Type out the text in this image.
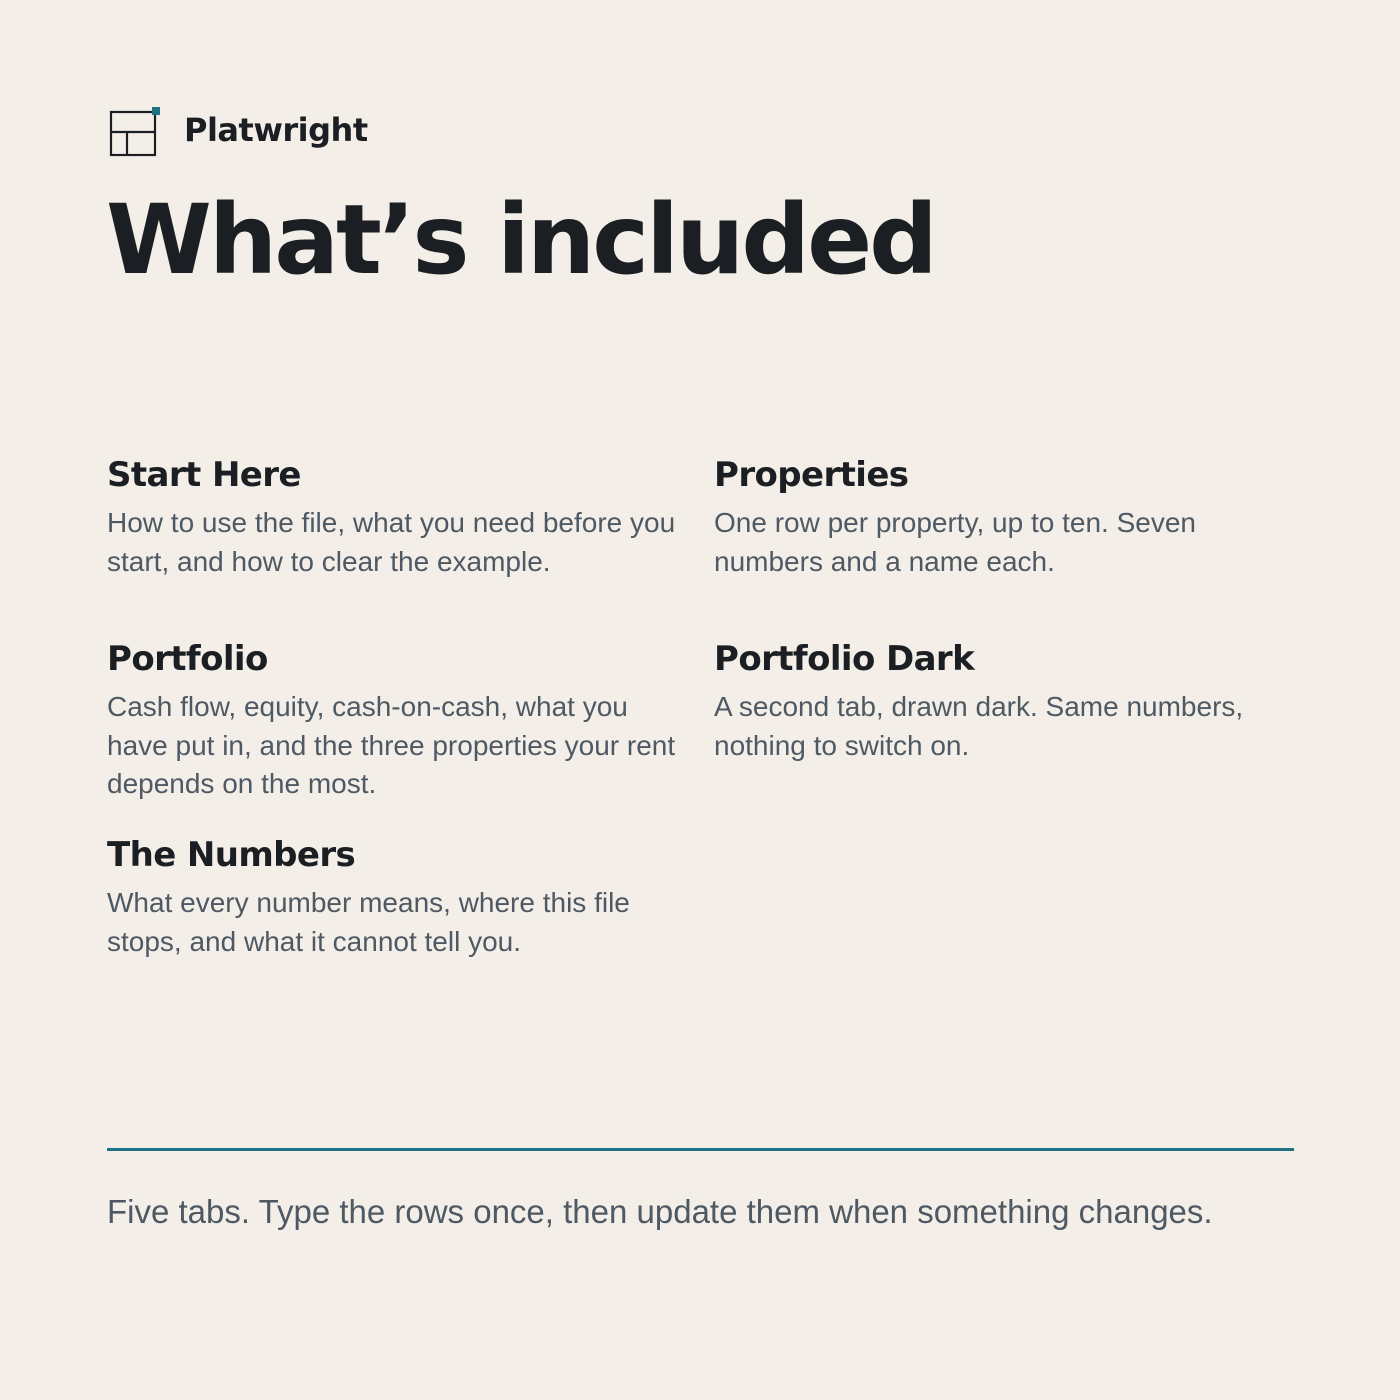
Platwright
What’s included
Start Here

How to use the file, what you need before you start, and how to clear the example.

Properties

One row per property, up to ten. Seven numbers and a name each.

Portfolio

Cash flow, equity, cash-on-cash, what you have put in, and the three properties your rent depends on the most.

Portfolio Dark

A second tab, drawn dark. Same numbers, nothing to switch on.

The Numbers

What every number means, where this file stops, and what it cannot tell you.

Five tabs. Type the rows once, then update them when something changes.
